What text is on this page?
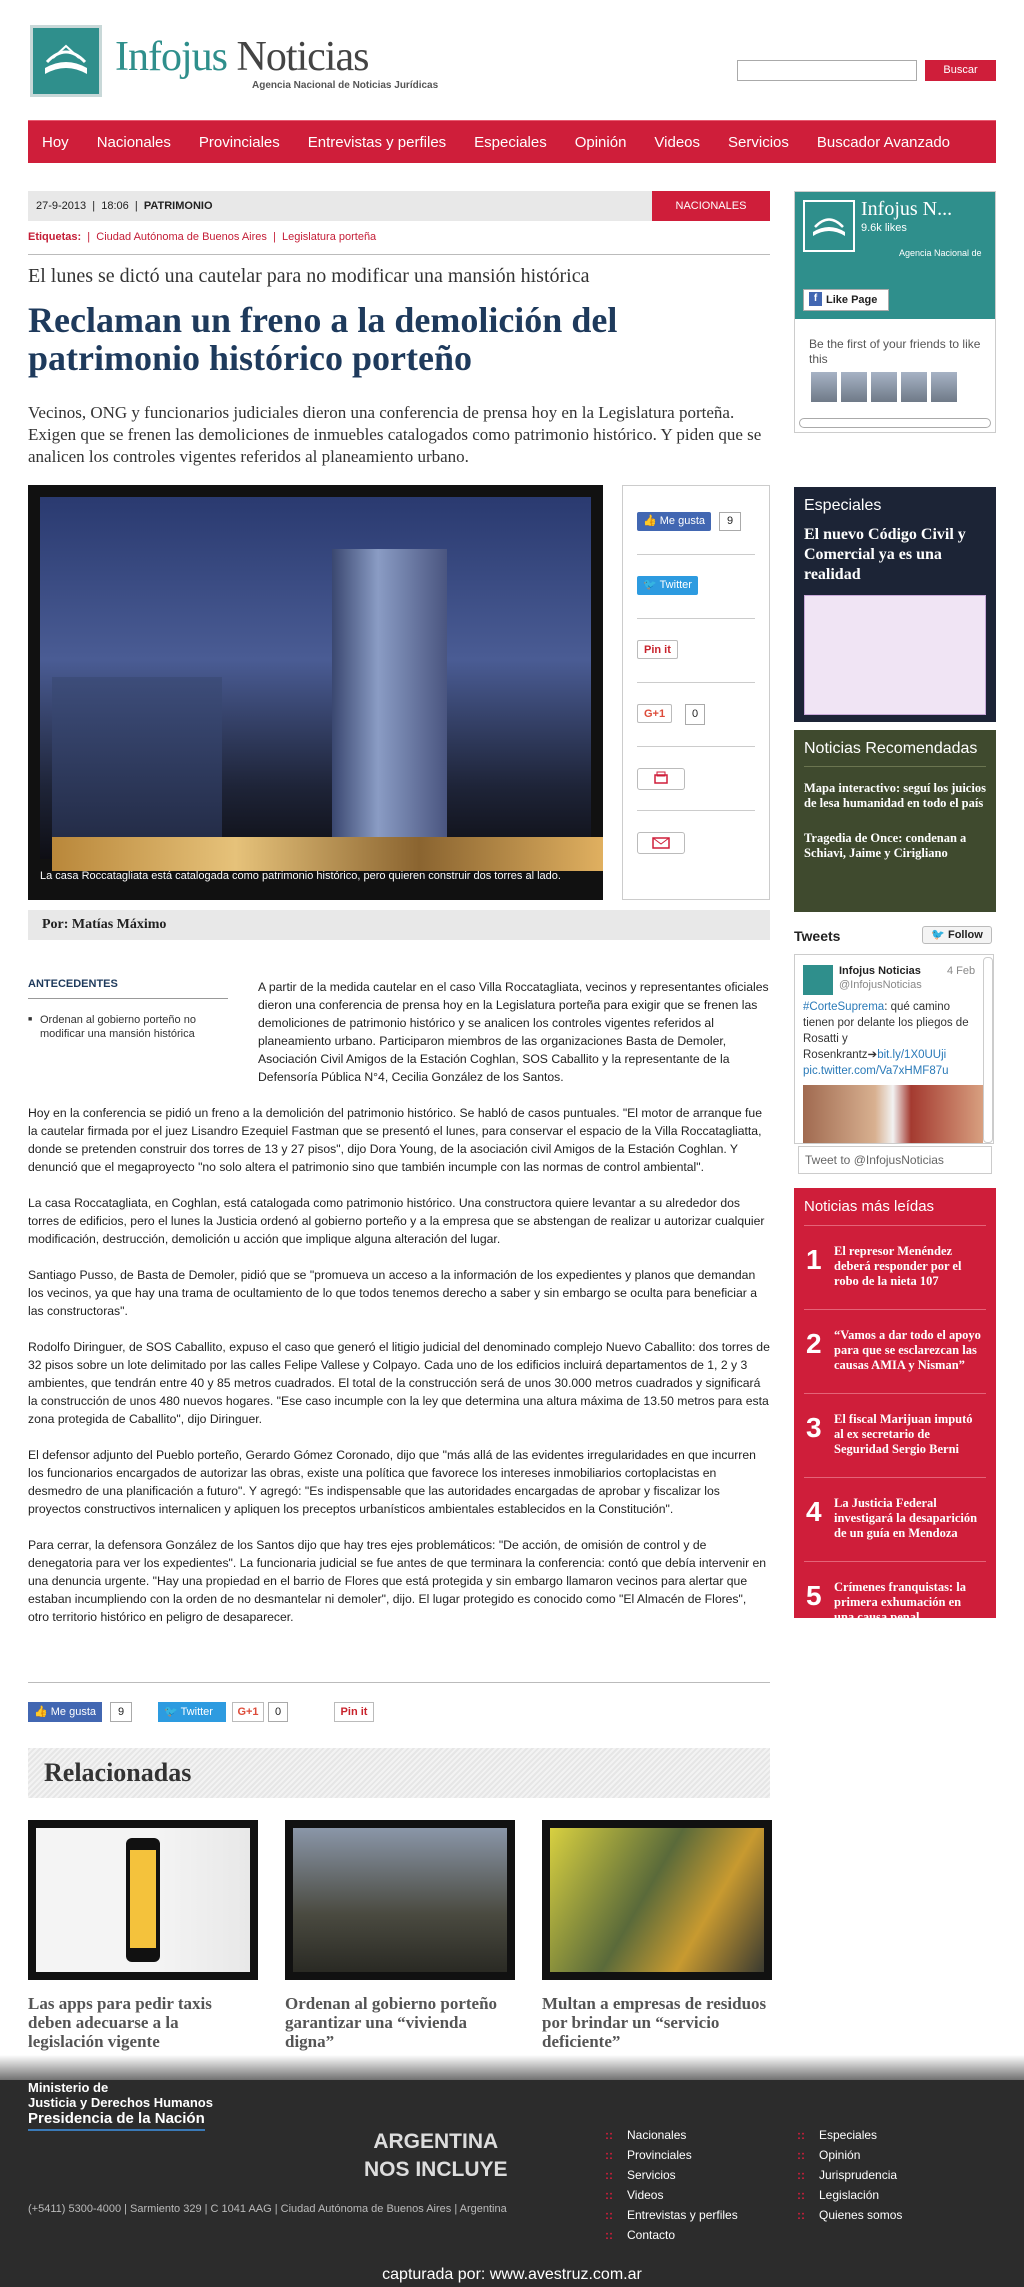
Infojus Noticias
Agencia Nacional de Noticias Jurídicas
Buscar
Hoy Nacionales Provinciales Entrevistas y perfiles Especiales Opinión Videos Servicios Buscador Avanzado
27-9-2013  |  18:06  |  PATRIMONIO	NACIONALES
Etiquetas:  |  Ciudad Autónoma de Buenos Aires  |  Legislatura porteña
El lunes se dictó una cautelar para no modificar una mansión histórica
Reclaman un freno a la demolición del patrimonio histórico porteño
Vecinos, ONG y funcionarios judiciales dieron una conferencia de prensa hoy en la Legislatura porteña. Exigen que se frenen las demoliciones de inmuebles catalogados como patrimonio histórico. Y piden que se analicen los controles vigentes referidos al planeamiento urbano.
La casa Roccatagliata está catalogada como patrimonio histórico, pero quieren construir dos torres al lado.
👍 Me gusta	9
🐦 Twitter
Pin it
G+1	0
Por: Matías Máximo

A partir de la medida cautelar en el caso Villa Roccatagliata, vecinos y representantes oficiales dieron una conferencia de prensa hoy en la Legislatura porteña para exigir que se frenen las demoliciones de patrimonio histórico y se analicen los controles vigentes referidos al planeamiento urbano. Participaron miembros de las organizaciones Basta de Demoler, Asociación Civil Amigos de la Estación Coghlan, SOS Caballito y la representante de la Defensoría Pública N°4, Cecilia González de los Santos.

Hoy en la conferencia se pidió un freno a la demolición del patrimonio histórico. Se habló de casos puntuales. "El motor de arranque fue la cautelar firmada por el juez Lisandro Ezequiel Fastman que se presentó el lunes, para conservar el espacio de la Villa Roccatagliatta, donde se pretenden construir dos torres de 13 y 27 pisos", dijo Dora Young, de la asociación civil Amigos de la Estación Coghlan. Y denunció que el megaproyecto "no solo altera el patrimonio sino que también incumple con las normas de control ambiental".

La casa Roccatagliata, en Coghlan, está catalogada como patrimonio histórico. Una constructora quiere levantar a su alrededor dos torres de edificios, pero el lunes la Justicia ordenó al gobierno porteño y a la empresa que se abstengan de realizar u autorizar cualquier modificación, destrucción, demolición u acción que implique alguna alteración del lugar.

Santiago Pusso, de Basta de Demoler, pidió que se "promueva un acceso a la información de los expedientes y planos que demandan los vecinos, ya que hay una trama de ocultamiento de lo que todos tenemos derecho a saber y sin embargo se oculta para beneficiar a las constructoras".

Rodolfo Diringuer, de SOS Caballito, expuso el caso que generó el litigio judicial del denominado complejo Nuevo Caballito: dos torres de 32 pisos sobre un lote delimitado por las calles Felipe Vallese y Colpayo. Cada uno de los edificios incluirá departamentos de 1, 2 y 3 ambientes, que tendrán entre 40 y 85 metros cuadrados. El total de la construcción será de unos 30.000 metros cuadrados y significará la construcción de unos 480 nuevos hogares. "Ese caso incumple con la ley que determina una altura máxima de 13.50 metros para esta zona protegida de Caballito", dijo Diringuer.

El defensor adjunto del Pueblo porteño, Gerardo Gómez Coronado, dijo que "más allá de las evidentes irregularidades en que incurren los funcionarios encargados de autorizar las obras, existe una política que favorece los intereses inmobiliarios cortoplacistas en desmedro de una planificación a futuro". Y agregó: "Es indispensable que las autoridades encargadas de aprobar y fiscalizar los proyectos constructivos internalicen y apliquen los preceptos urbanísticos ambientales establecidos en la Constitución".

Para cerrar, la defensora González de los Santos dijo que hay tres ejes problemáticos: "De acción, de omisión de control y de denegatoria para ver los expedientes". La funcionaria judicial se fue antes de que terminara la conferencia: contó que debía intervenir en una denuncia urgente. "Hay una propiedad en el barrio de Flores que está protegida y sin embargo llamaron vecinos para alertar que estaban incumpliendo con la orden de no desmantelar ni demoler", dijo. El lugar protegido es conocido como "El Almacén de Flores", otro territorio histórico en peligro de desaparecer.

ANTECEDENTES

■ Ordenan al gobierno porteño no modificar una mansión histórica

👍 Me gusta	9	🐦 Twitter	G+1	0	Pin it
Relacionadas
Las apps para pedir taxis deben adecuarse a la legislación vigente
Ordenan al gobierno porteño garantizar una “vivienda digna”
Multan a empresas de residuos por brindar un “servicio deficiente”
Infojus N...
9.6k likes
Agencia Nacional de
f Like Page
Be the first of your friends to like this
Especiales
El nuevo Código Civil y Comercial ya es una realidad
Noticias Recomendadas
Mapa interactivo: seguí los juicios de lesa humanidad en todo el país
Tragedia de Once: condenan a Schiavi, Jaime y Cirigliano
Tweets	🐦 Follow
Infojus Noticias
@InfojusNoticias
4 Feb
#CorteSuprema: qué camino tienen por delante los pliegos de Rosatti y Rosenkrantz➔bit.ly/1X0UUji
pic.twitter.com/Va7xHMF87u
Tweet to @InfojusNoticias
Noticias más leídas
1 El represor Menéndez deberá responder por el robo de la nieta 107
2 “Vamos a dar todo el apoyo para que se esclarezcan las causas AMIA y Nisman”
3 El fiscal Marijuan imputó al ex secretario de Seguridad Sergio Berni
4 La Justicia Federal investigará la desaparición de un guía en Mendoza
5 Crímenes franquistas: la primera exhumación en una causa penal
Ministerio de
Justicia y Derechos Humanos
Presidencia de la Nación
ARGENTINA
NOS INCLUYE
(+5411) 5300-4000 | Sarmiento 329 | C 1041 AAG | Ciudad Autónoma de Buenos Aires | Argentina
:: Nacionales
:: Provinciales
:: Servicios
:: Videos
:: Entrevistas y perfiles
:: Contacto
:: Especiales
:: Opinión
:: Jurisprudencia
:: Legislación
:: Quienes somos
capturada por: www.avestruz.com.ar
